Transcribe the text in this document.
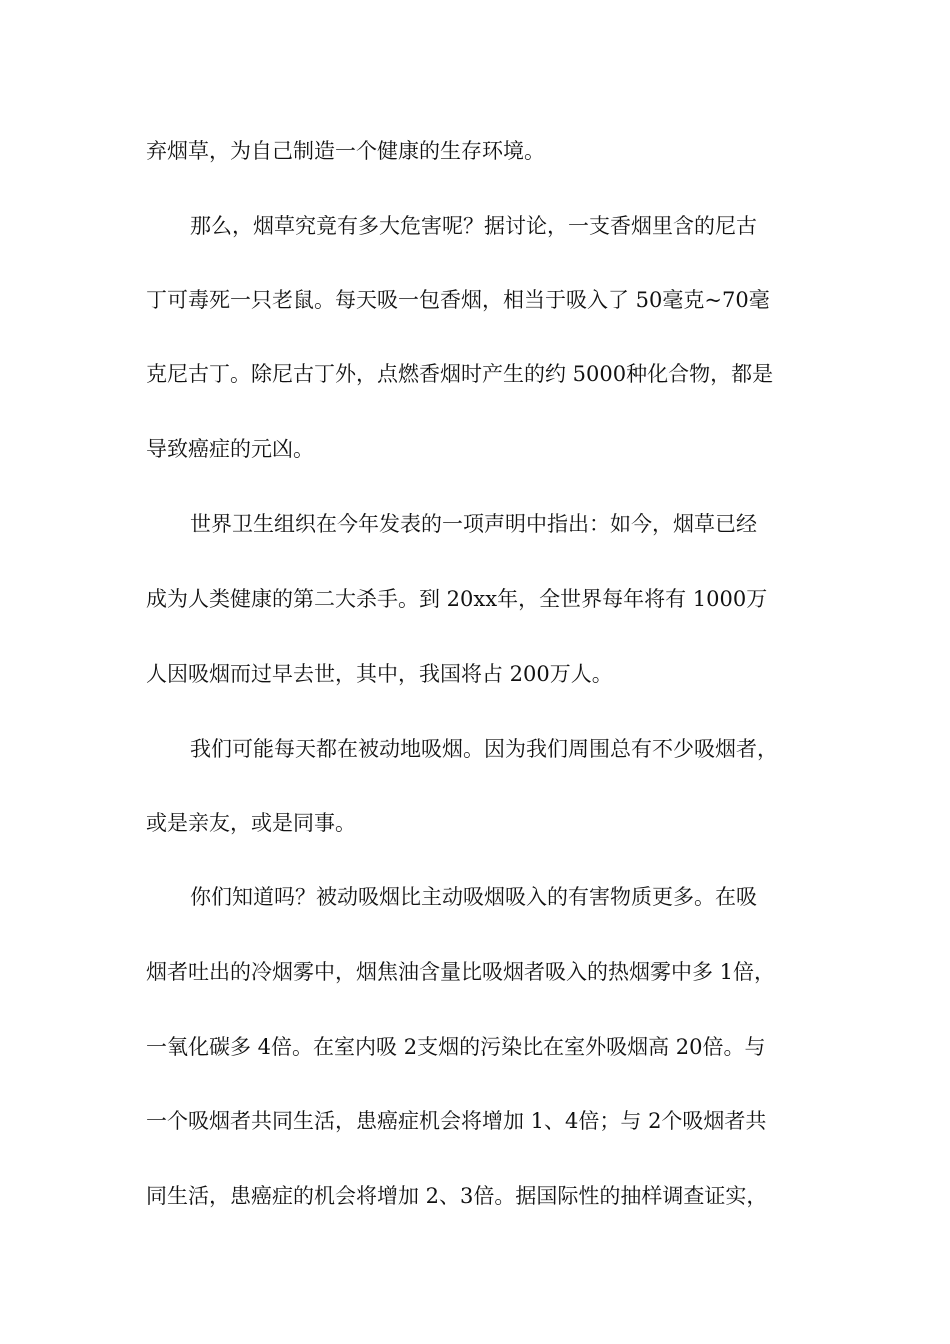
弃烟草，为自己制造一个健康的生存环境。
那么，烟草究竟有多大危害呢？据讨论，一支香烟里含的尼古
丁可毒死一只老鼠。每天吸一包香烟，相当于吸入了 50毫克~70毫
克尼古丁。除尼古丁外，点燃香烟时产生的约 5000种化合物，都是
导致癌症的元凶。
世界卫生组织在今年发表的一项声明中指出：如今，烟草已经
成为人类健康的第二大杀手。到 20xx年，全世界每年将有 1000万
人因吸烟而过早去世，其中，我国将占 200万人。
我们可能每天都在被动地吸烟。因为我们周围总有不少吸烟者，
或是亲友，或是同事。
你们知道吗？被动吸烟比主动吸烟吸入的有害物质更多。在吸
烟者吐出的冷烟雾中，烟焦油含量比吸烟者吸入的热烟雾中多 1倍，
一氧化碳多 4倍。在室内吸 2支烟的污染比在室外吸烟高 20倍。与
一个吸烟者共同生活，患癌症机会将增加 1、4倍；与 2个吸烟者共
同生活，患癌症的机会将增加 2、3倍。据国际性的抽样调查证实，
